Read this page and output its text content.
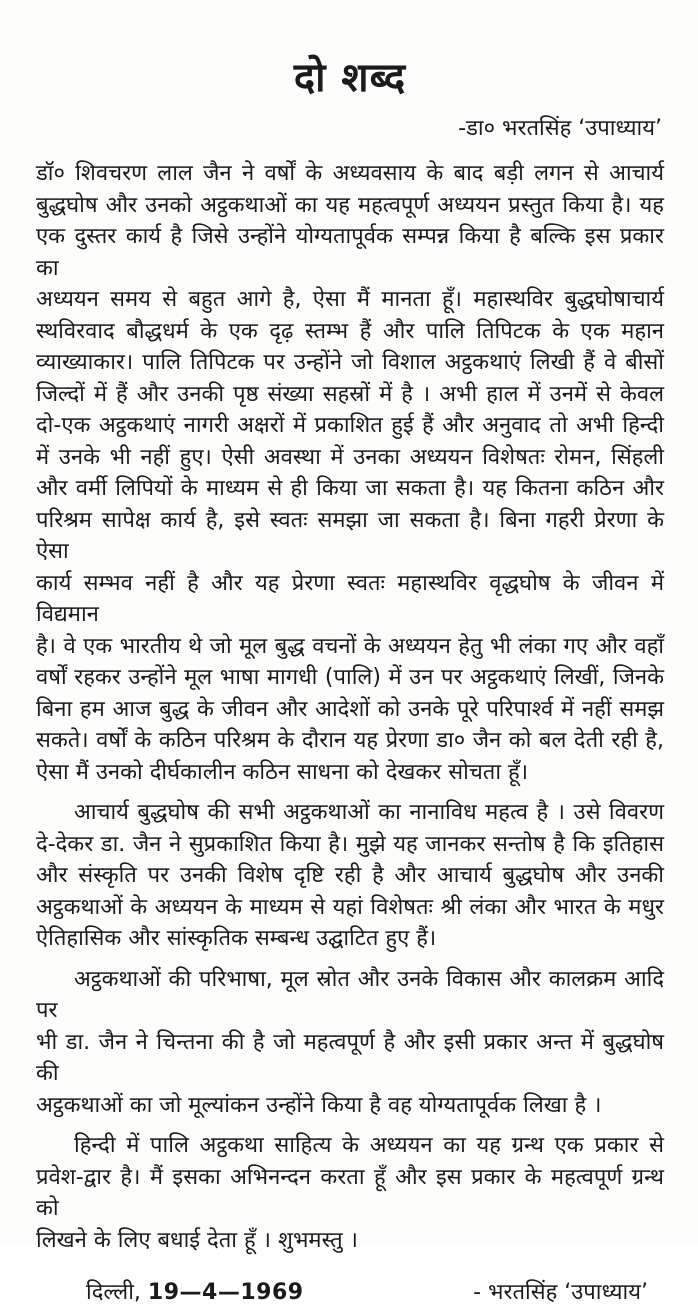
दो शब्द
-डा० भरतसिंह ‘उपाध्याय’
डॉ० शिवचरण लाल जैन ने वर्षों के अध्यवसाय के बाद बड़ी लगन से आचार्य
बुद्धघोष और उनको अट्ठकथाओं का यह महत्वपूर्ण अध्ययन प्रस्तुत किया है। यह
एक दुस्तर कार्य है जिसे उन्होंने योग्यतापूर्वक सम्पन्न किया है बल्कि इस प्रकार का
अध्ययन समय से बहुत आगे है, ऐसा मैं मानता हूँ। महास्थविर बुद्धघोषाचार्य
स्थविरवाद बौद्धधर्म के एक दृढ़ स्तम्भ हैं और पालि तिपिटक के एक महान
व्याख्याकार। पालि तिपिटक पर उन्होंने जो विशाल अट्ठकथाएं लिखी हैं वे बीसों
जिल्दों में हैं और उनकी पृष्ठ संख्या सहस्रों में है । अभी हाल में उनमें से केवल
दो-एक अट्ठकथाएं नागरी अक्षरों में प्रकाशित हुई हैं और अनुवाद तो अभी हिन्दी
में उनके भी नहीं हुए। ऐसी अवस्था में उनका अध्ययन विशेषतः रोमन, सिंहली
और वर्मी लिपियों के माध्यम से ही किया जा सकता है। यह कितना कठिन और
परिश्रम सापेक्ष कार्य है, इसे स्वतः समझा जा सकता है। बिना गहरी प्रेरणा के ऐसा
कार्य सम्भव नहीं है और यह प्रेरणा स्वतः महास्थविर वृद्धघोष के जीवन में विद्यमान
है। वे एक भारतीय थे जो मूल बुद्ध वचनों के अध्ययन हेतु भी लंका गए और वहाँ
वर्षों रहकर उन्होंने मूल भाषा मागधी (पालि) में उन पर अट्ठकथाएं लिखीं, जिनके
बिना हम आज बुद्ध के जीवन और आदेशों को उनके पूरे परिपार्श्व में नहीं समझ
सकते। वर्षों के कठिन परिश्रम के दौरान यह प्रेरणा डा० जैन को बल देती रही है,
ऐसा मैं उनको दीर्घकालीन कठिन साधना को देखकर सोचता हूँ।
आचार्य बुद्धघोष की सभी अट्ठकथाओं का नानाविध महत्व है । उसे विवरण
दे-देकर डा. जैन ने सुप्रकाशित किया है। मुझे यह जानकर सन्तोष है कि इतिहास
और संस्कृति पर उनकी विशेष दृष्टि रही है और आचार्य बुद्धघोष और उनकी
अट्ठकथाओं के अध्ययन के माध्यम से यहां विशेषतः श्री लंका और भारत के मधुर
ऐतिहासिक और सांस्कृतिक सम्बन्ध उद्घाटित हुए हैं।
अट्ठकथाओं की परिभाषा, मूल स्रोत और उनके विकास और कालक्रम आदि पर
भी डा. जैन ने चिन्तना की है जो महत्वपूर्ण है और इसी प्रकार अन्त में बुद्धघोष की
अट्ठकथाओं का जो मूल्यांकन उन्होंने किया है वह योग्यतापूर्वक लिखा है ।
हिन्दी में पालि अट्ठकथा साहित्य के अध्ययन का यह ग्रन्थ एक प्रकार से
प्रवेश-द्वार है। मैं इसका अभिनन्दन करता हूँ और इस प्रकार के महत्वपूर्ण ग्रन्थ को
लिखने के लिए बधाई देता हूँ । शुभमस्तु ।
दिल्ली, 19—4—1969	- भरतसिंह ‘उपाध्याय’
